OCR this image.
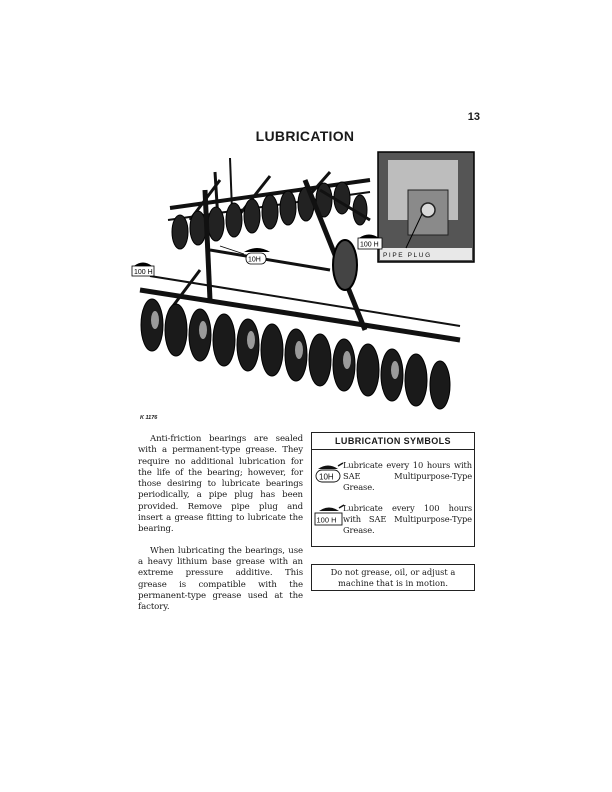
13
LUBRICATION
PIPE PLUG
100 H
10H
100 H
K 1176

Anti-friction bearings are sealed with a permanent-type grease. They require no additional lubrication for the life of the bearing; however, for those desiring to lubricate bearings periodically, a pipe plug has been provided. Remove pipe plug and insert a grease fitting to lubricate the bearing.

When lubricating the bearings, use a heavy lithium base grease with an extreme pressure additive. This grease is compatible with the permanent-type grease used at the factory.

LUBRICATION SYMBOLS
10H
Lubricate every 10 hours with SAE Multipurpose-Type Grease.
100 H
Lubricate every 100 hours with SAE Multipurpose-Type Grease.
Do not grease, oil, or adjust a machine that is in motion.
